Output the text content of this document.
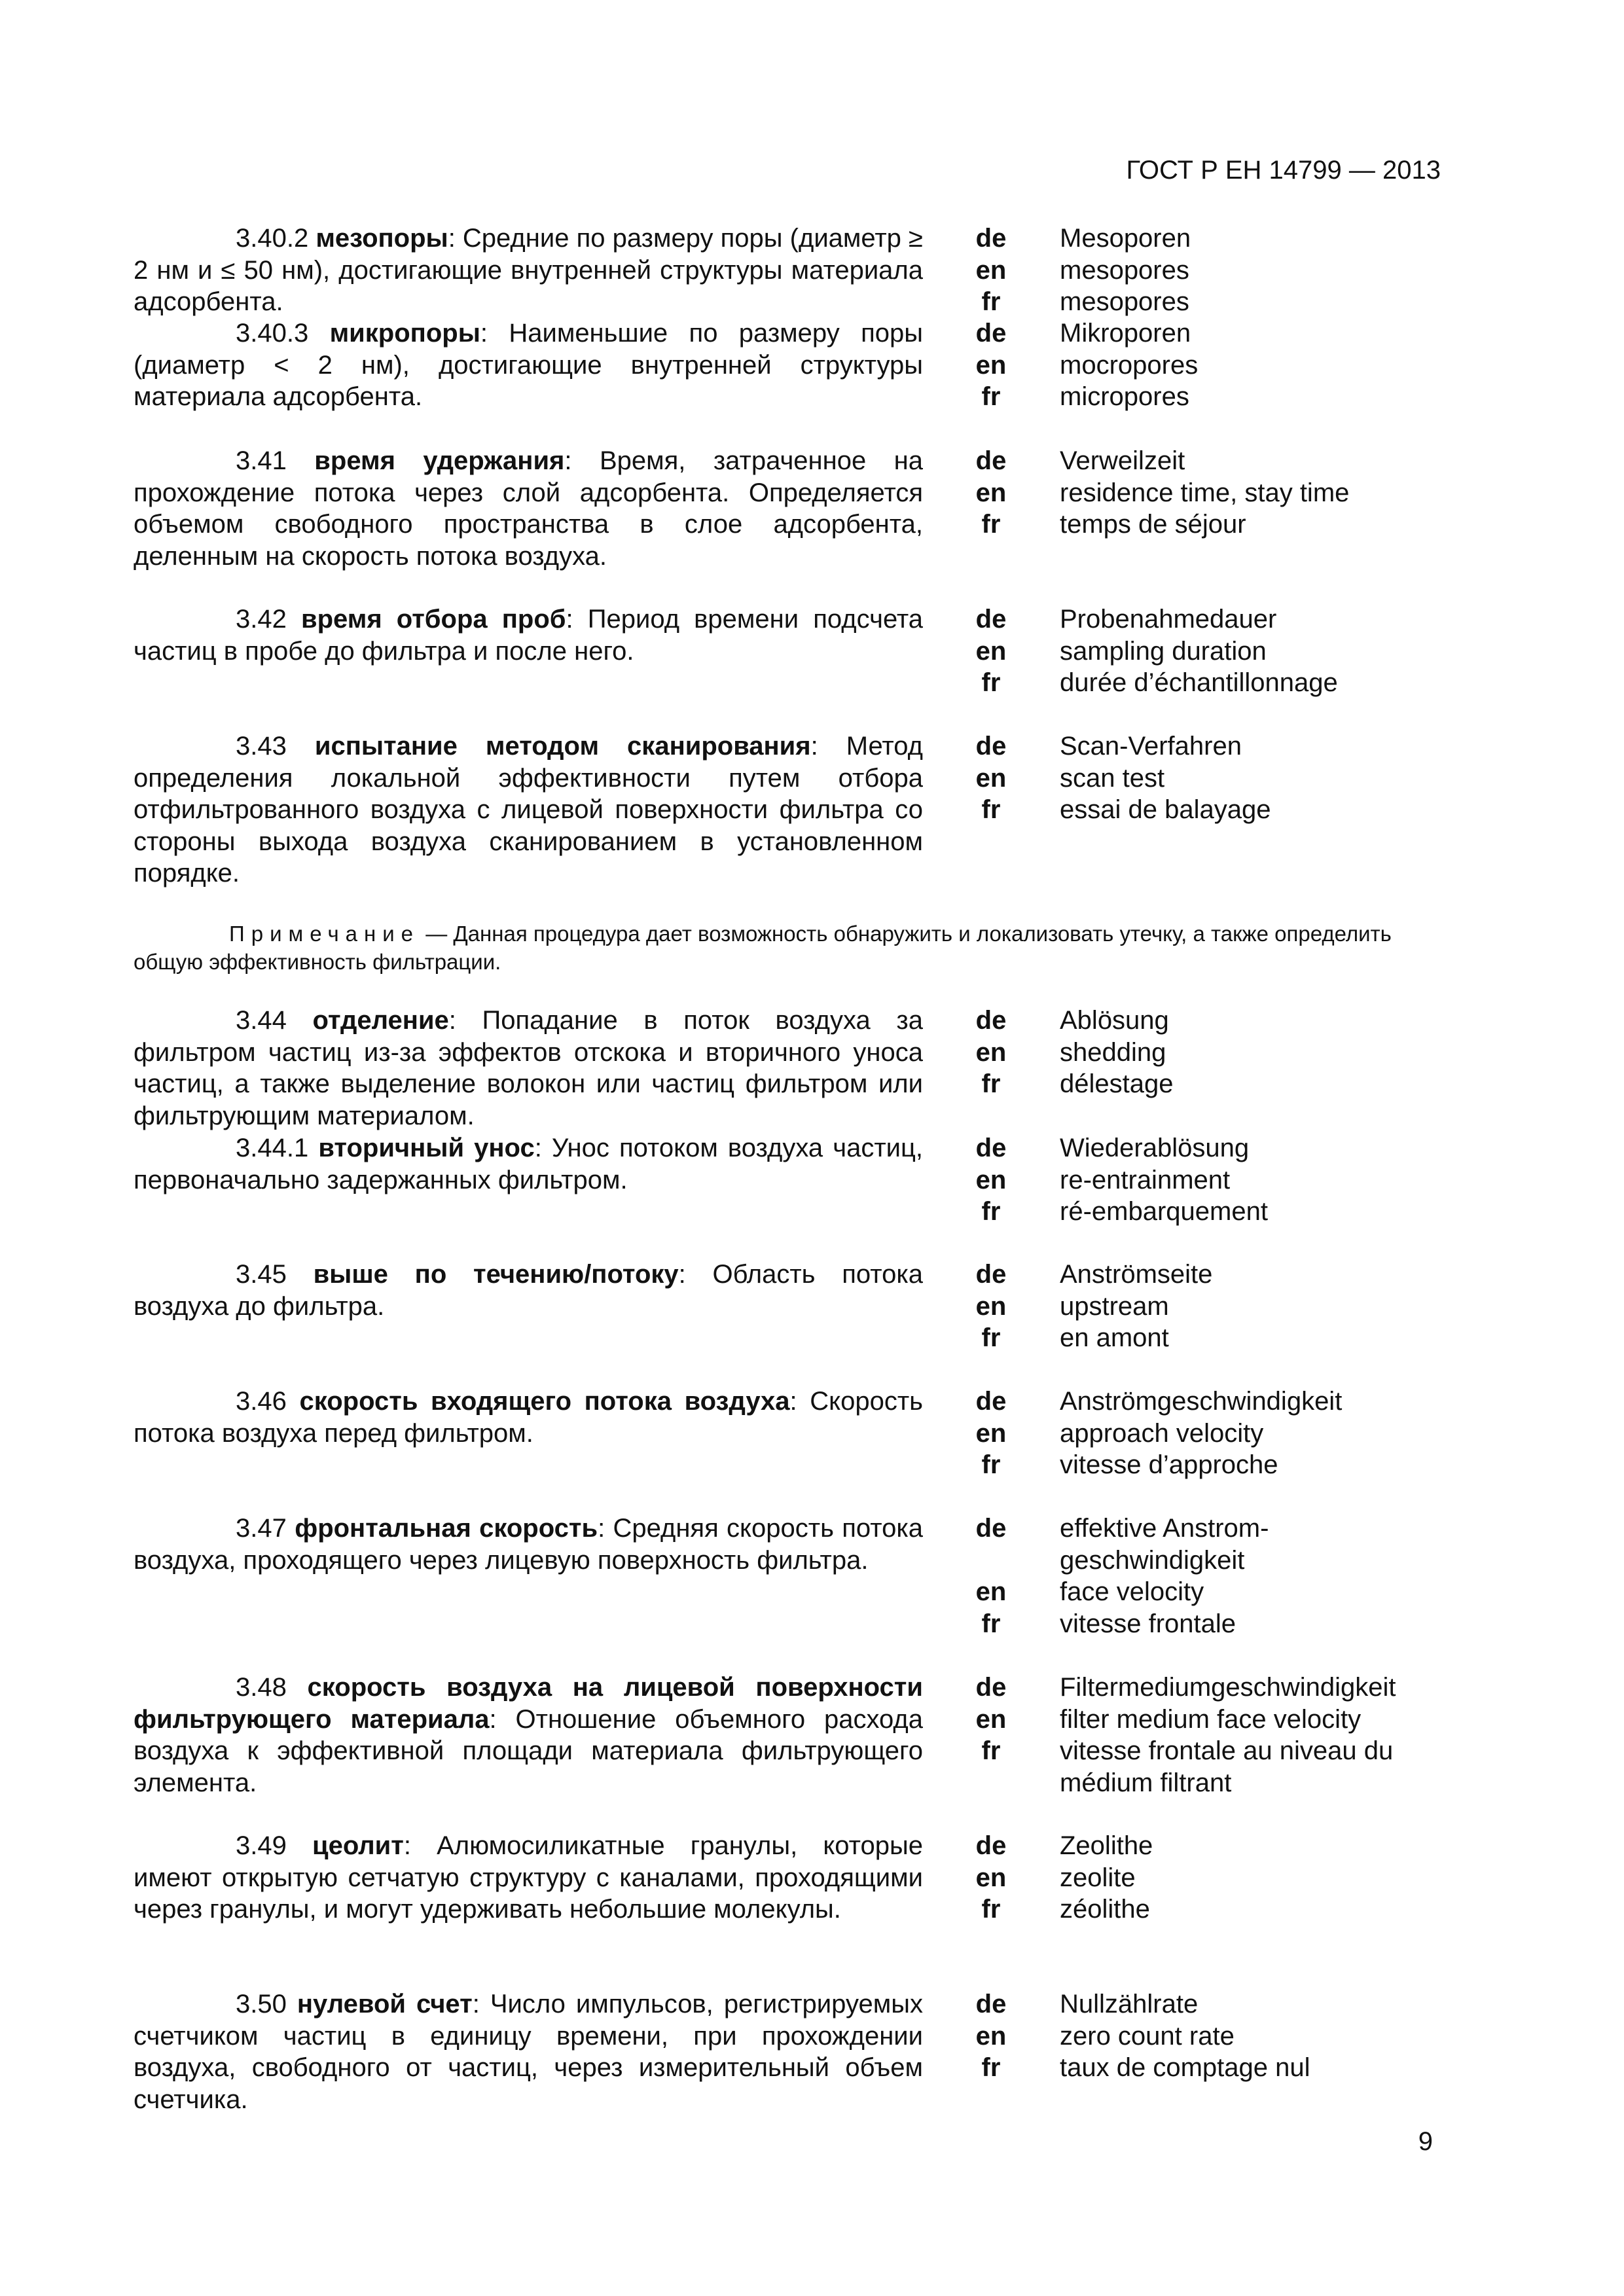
ГОСТ Р ЕН 14799 — 2013
3.40.2 мезопоры: Средние по размеру поры (диаметр ≥ 2 нм и ≤ 50 нм), достигающие внутренней структуры материала адсорбента.
de
en
fr
Mesoporen
mesopores
mesopores
3.40.3 микропоры: Наименьшие по размеру поры (диаметр < 2 нм), достигающие внутренней структуры материала адсорбента.
de
en
fr
Mikroporen
mocropores
micropores
3.41 время удержания: Время, затраченное на прохождение потока через слой адсорбента. Определяется объемом свободного пространства в слое адсорбента, деленным на скорость потока воздуха.
de
en
fr
Verweilzeit
residence time, stay time
temps de séjour
3.42 время отбора проб: Период времени подсчета частиц в пробе до фильтра и после него.
de
en
fr
Probenahmedauer
sampling duration
durée d’échantillonnage
3.43 испытание методом сканирования: Метод определения локальной эффективности путем отбора отфильтрованного воздуха с лицевой поверхности фильтра со стороны выхода воздуха сканированием в установленном порядке.
de
en
fr
Scan-Verfahren
scan test
essai de balayage
Примечание — Данная процедура дает возможность обнаружить и локализовать утечку, а также определить общую эффективность фильтрации.
3.44 отделение: Попадание в поток воздуха за фильтром частиц из-за эффектов отскока и вторичного уноса частиц, а также выделение волокон или частиц фильтром или фильтрующим материалом.
de
en
fr
Ablösung
shedding
délestage
3.44.1 вторичный унос: Унос потоком воздуха частиц, первоначально задержанных фильтром.
de
en
fr
Wiederablösung
re-entrainment
ré-embarquement
3.45 выше по течению/потоку: Область потока воздуха до фильтра.
de
en
fr
Anströmseite
upstream
en amont
3.46 скорость входящего потока воздуха: Скорость потока воздуха перед фильтром.
de
en
fr
Anströmgeschwindigkeit
approach velocity
vitesse d’approche
3.47 фронтальная скорость: Средняя скорость потока воздуха, проходящего через лицевую поверхность фильтра.
de
en
fr
effektive Anstrom-geschwindigkeit
face velocity
vitesse frontale
3.48 скорость воздуха на лицевой поверхности фильтрующего материала: Отношение объемного расхода воздуха к эффективной площади материала фильтрующего элемента.
de
en
fr
Filtermediumgeschwindigkeit
filter medium face velocity
vitesse frontale au niveau du médium filtrant
3.49 цеолит: Алюмосиликатные гранулы, которые имеют открытую сетчатую структуру с каналами, проходящими через гранулы, и могут удерживать небольшие молекулы.
de
en
fr
Zeolithe
zeolite
zéolithe
3.50 нулевой счет: Число импульсов, регистрируемых счетчиком частиц в единицу времени, при прохождении воздуха, свободного от частиц, через измерительный объем счетчика.
de
en
fr
Nullzählrate
zero count rate
taux de comptage nul
9
